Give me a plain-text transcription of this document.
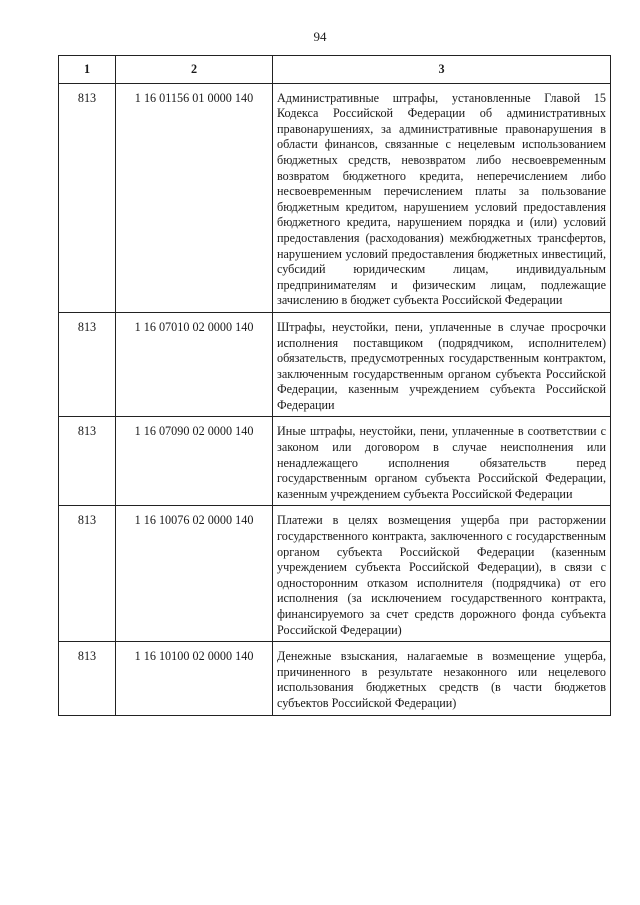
94
1	2	3
813	1 16 01156 01 0000 140	Административные штрафы, установленные Главой 15 Кодекса Российской Федерации об административных правонарушениях, за административные правонарушения в области финансов, связанные с нецелевым использованием бюджетных средств, невозвратом либо несвоевременным возвратом бюджетного кредита, неперечислением либо несвоевременным перечислением платы за пользование бюджетным кредитом, нарушением условий предоставления бюджетного кредита, нарушением порядка и (или) условий предоставления (расходования) межбюджетных трансфертов, нарушением условий предоставления бюджетных инвестиций, субсидий юридическим лицам, индивидуальным предпринимателям и физическим лицам, подлежащие зачислению в бюджет субъекта Российской Федерации
813	1 16 07010 02 0000 140	Штрафы, неустойки, пени, уплаченные в случае просрочки исполнения поставщиком (подрядчиком, исполнителем) обязательств, предусмотренных государственным контрактом, заключенным государственным органом субъекта Российской Федерации, казенным учреждением субъекта Российской Федерации
813	1 16 07090 02 0000 140	Иные штрафы, неустойки, пени, уплаченные в соответствии с законом или договором в случае неисполнения или ненадлежащего исполнения обязательств перед государственным органом субъекта Российской Федерации, казенным учреждением субъекта Российской Федерации
813	1 16 10076 02 0000 140	Платежи в целях возмещения ущерба при расторжении государственного контракта, заключенного с государственным органом субъекта Российской Федерации (казенным учреждением субъекта Российской Федерации), в связи с односторонним отказом исполнителя (подрядчика) от его исполнения (за исключением государственного контракта, финансируемого за счет средств дорожного фонда субъекта Российской Федерации)
813	1 16 10100 02 0000 140	Денежные взыскания, налагаемые в возмещение ущерба, причиненного в результате незаконного или нецелевого использования бюджетных средств (в части бюджетов субъектов Российской Федерации)
